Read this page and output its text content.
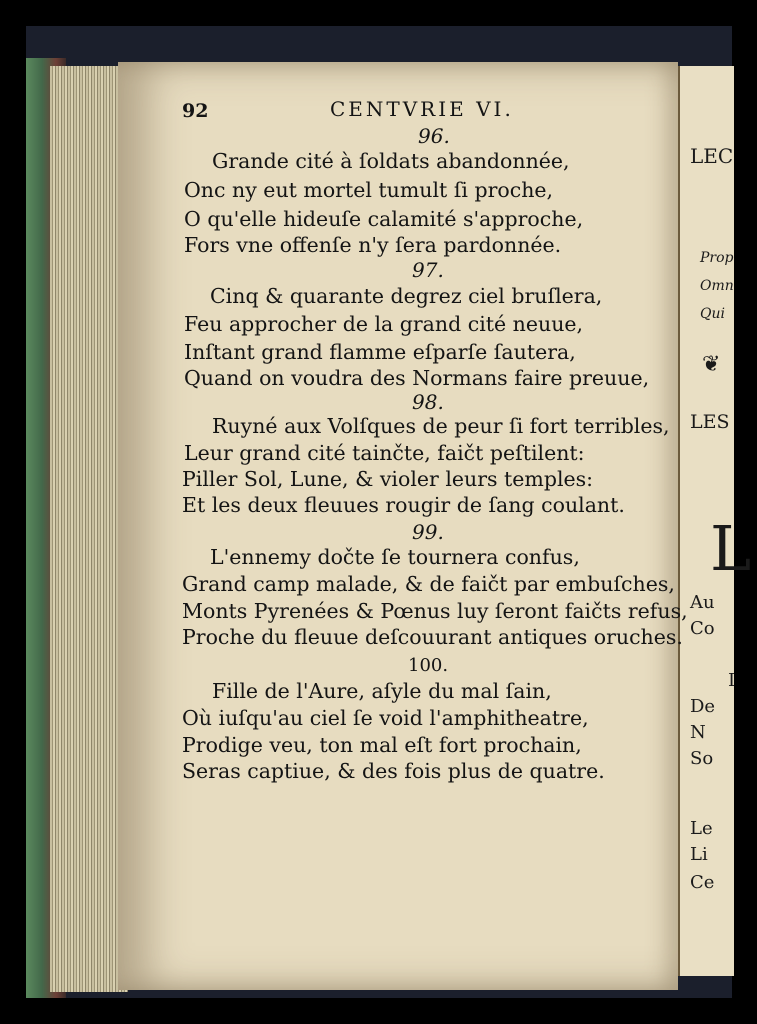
LEC
Prop
Omn
Qui
❦
LES
L
Au
Co
I
De
N
So
Le
Li
Ce
92	CENTVRIE VI.
96.
Grande cité à ſoldats abandonnée,
Onc ny eut mortel tumult ſi proche,
O qu'elle hideuſe calamité s'approche,
Fors vne offenſe n'y ſera pardonnée.
97.
Cinq & quarante degrez ciel bruſlera,
Feu approcher de la grand cité neuue,
Inſtant grand flamme eſparſe ſautera,
Quand on voudra des Normans faire preuue,
98.
Ruyné aux Volſques de peur ſi fort terribles,
Leur grand cité tainčte, faičt peſtilent:
Piller Sol, Lune, & violer leurs temples:
Et les deux fleuues rougir de ſang coulant.
99.
L'ennemy dočte ſe tournera confus,
Grand camp malade, & de faičt par embuſches,
Monts Pyrenées & Pœnus luy ſeront faičts refus,
Proche du fleuue deſcouurant antiques oruches.
100.
Fille de l'Aure, aſyle du mal ſain,
Où iuſqu'au ciel ſe void l'amphitheatre,
Prodige veu, ton mal eſt fort prochain,
Seras captiue, & des fois plus de quatre.
